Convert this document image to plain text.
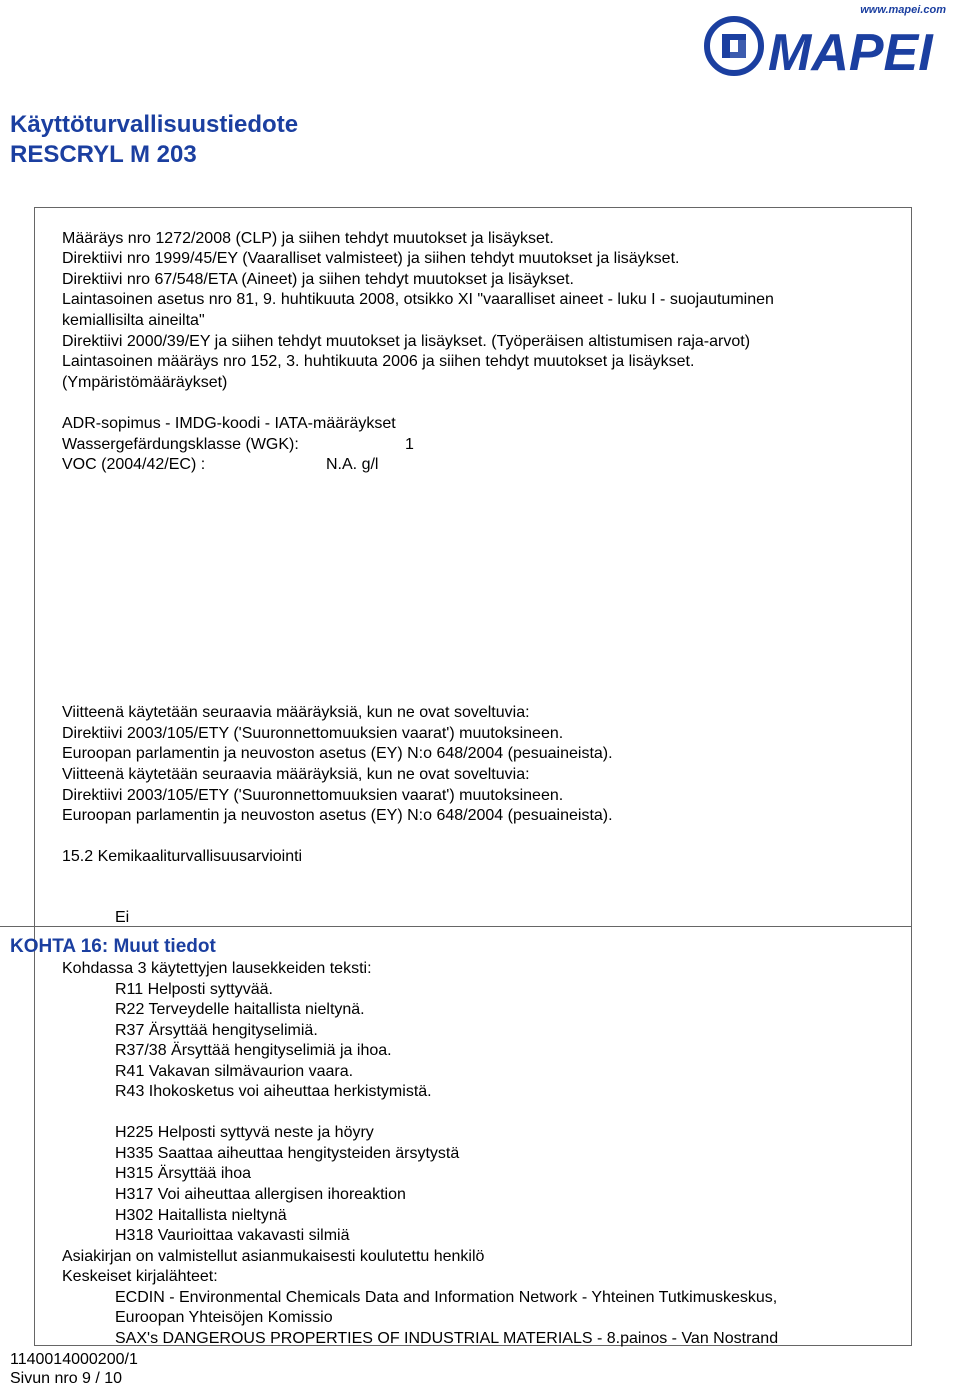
www.mapei.com
MAPEI
Käyttöturvallisuustiedote
RESCRYL M 203
Määräys nro 1272/2008 (CLP) ja siihen tehdyt muutokset ja lisäykset.
Direktiivi nro 1999/45/EY (Vaaralliset valmisteet) ja siihen tehdyt muutokset ja lisäykset.
Direktiivi nro 67/548/ETA (Aineet) ja siihen tehdyt muutokset ja lisäykset.
Laintasoinen asetus nro 81, 9. huhtikuuta 2008, otsikko XI "vaaralliset aineet - luku I - suojautuminen
kemiallisilta aineilta"
Direktiivi 2000/39/EY ja siihen tehdyt muutokset ja lisäykset. (Työperäisen altistumisen raja-arvot)
Laintasoinen määräys nro 152, 3. huhtikuuta 2006 ja siihen tehdyt muutokset ja lisäykset.
(Ympäristömääräykset)
ADR-sopimus - IMDG-koodi - IATA-määräykset
Wassergefärdungsklasse (WGK):	1
VOC (2004/42/EC) :	N.A. g/l
Viitteenä käytetään seuraavia määräyksiä, kun ne ovat soveltuvia:
Direktiivi 2003/105/ETY ('Suuronnettomuuksien vaarat') muutoksineen.
Euroopan parlamentin ja neuvoston asetus (EY) N:o 648/2004 (pesuaineista).
Viitteenä käytetään seuraavia määräyksiä, kun ne ovat soveltuvia:
Direktiivi 2003/105/ETY ('Suuronnettomuuksien vaarat') muutoksineen.
Euroopan parlamentin ja neuvoston asetus (EY) N:o 648/2004 (pesuaineista).
15.2 Kemikaaliturvallisuusarviointi
Ei
KOHTA 16: Muut tiedot
Kohdassa 3 käytettyjen lausekkeiden teksti:
R11 Helposti syttyvää.
R22 Terveydelle haitallista nieltynä.
R37 Ärsyttää hengityselimiä.
R37/38 Ärsyttää hengityselimiä ja ihoa.
R41 Vakavan silmävaurion vaara.
R43 Ihokosketus voi aiheuttaa herkistymistä.
H225 Helposti syttyvä neste ja höyry
H335 Saattaa aiheuttaa hengitysteiden ärsytystä
H315 Ärsyttää ihoa
H317 Voi aiheuttaa allergisen ihoreaktion
H302 Haitallista nieltynä
H318 Vaurioittaa vakavasti silmiä
Asiakirjan on valmistellut asianmukaisesti koulutettu henkilö
Keskeiset kirjalähteet:
ECDIN - Environmental Chemicals Data and Information Network - Yhteinen Tutkimuskeskus,
Euroopan Yhteisöjen Komissio
SAX's DANGEROUS PROPERTIES OF INDUSTRIAL MATERIALS - 8.painos - Van Nostrand
1140014000200/1
Sivun nro 9 / 10
